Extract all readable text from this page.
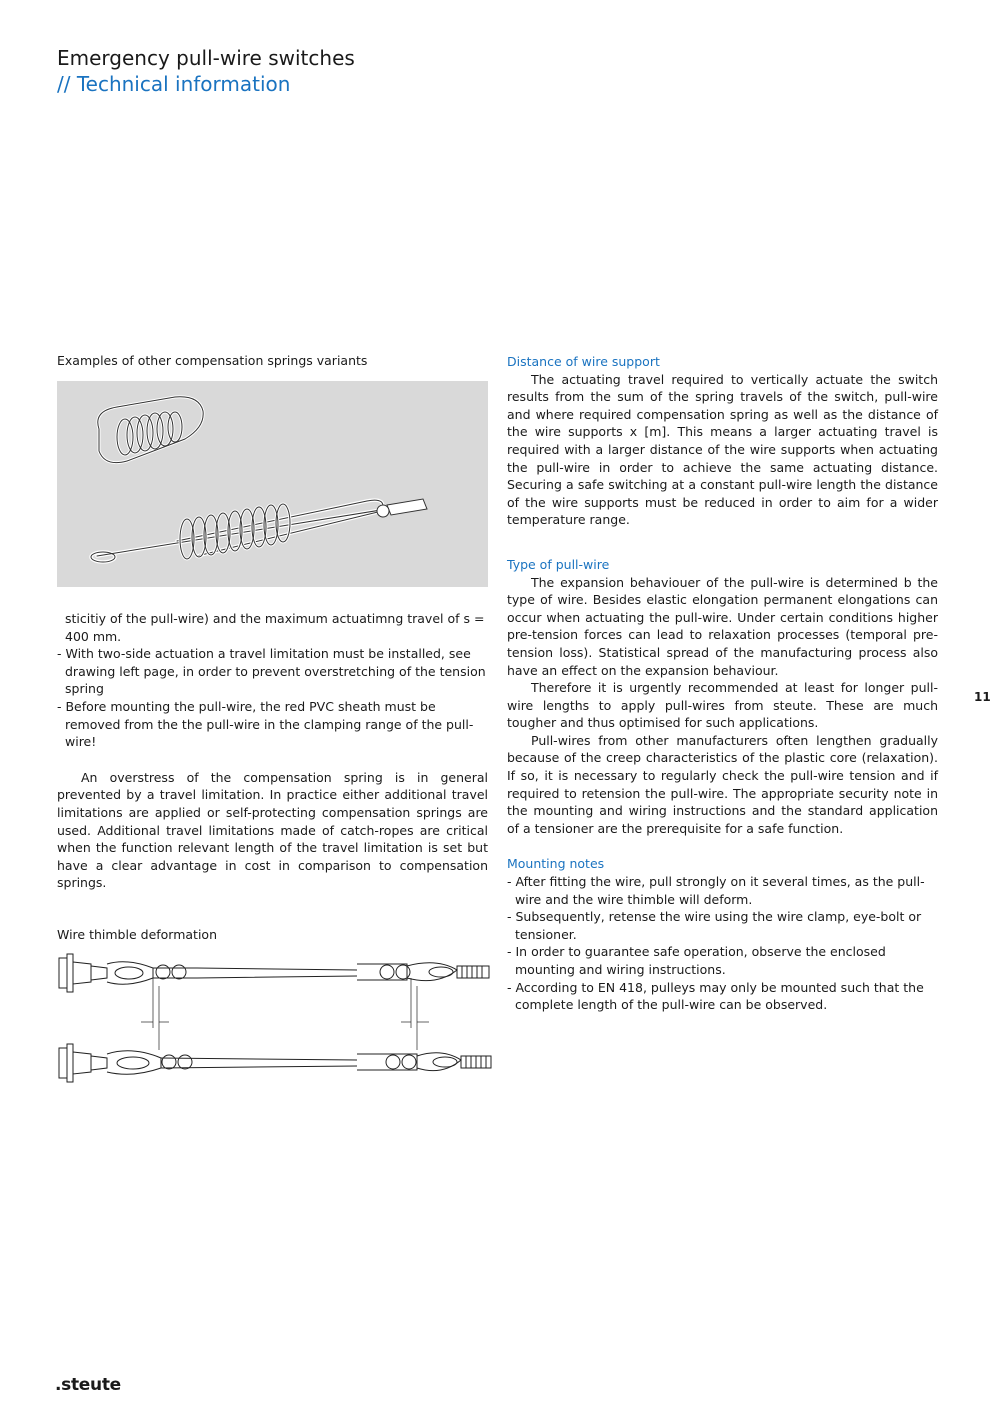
Emergency pull-wire switches
// Technical information

Examples of other compensation springs variants

sticitiy of the pull-wire) and the maximum actuatimng travel of s = 400 mm.
- With two-side actuation a travel limitation must be installed, see drawing left page, in order to prevent overstretching of the tension spring
- Before mounting the pull-wire, the red PVC sheath must be removed from the the pull-wire in the clamping range of the pull-wire!

An overstress of the compensation spring is in general prevented by a travel limitation. In practice either additional travel limitations are applied or self-protecting compensation springs are used. Additional travel limitations made of catch-ropes are critical when the function relevant length of the travel limitation is set but have a clear advantage in cost in comparison to compensation springs.

Wire thimble deformation

Distance of wire support

The actuating travel required to vertically actuate the switch results from the sum of the spring travels of the switch, pull-wire and where required compensation spring as well as the distance of the wire supports x [m]. This means a larger actuating travel is required with a larger distance of the wire supports when actuating the pull-wire in order to achieve the same actuating distance. Securing a safe switching at a constant pull-wire length the distance of the wire supports must be reduced in order to aim for a wider temperature range.

Type of pull-wire

The expansion behaviouer of the pull-wire is determined b the type of wire. Besides elastic elongation permanent elongations can occur when actuating the pull-wire. Under certain conditions higher pre-tension forces can lead to relaxation processes (temporal pre-tension loss). Statistical spread of the manufacturing process also have an effect on the expansion behaviour.

Therefore it is urgently recommended at least for longer pull-wire lengths to apply pull-wires from steute. These are much tougher and thus optimised for such applications.

Pull-wires from other manufacturers often lengthen gradually because of the creep characteristics of the plastic core (relaxation). If so, it is necessary to regularly check the pull-wire tension and if required to retension the pull-wire. The appropriate security note in the mounting and wiring instructions and the standard application of a tensioner are the prerequisite for a safe function.

Mounting notes
- After fitting the wire, pull strongly on it several times, as the pull-wire and the wire thimble will deform.
- Subsequently, retense the wire using the wire clamp, eye-bolt or tensioner.
- In order to guarantee safe operation, observe the enclosed mounting and wiring instructions.
- According to EN 418, pulleys may only be mounted such that the complete length of the pull-wire can be observed.
11
.steute
